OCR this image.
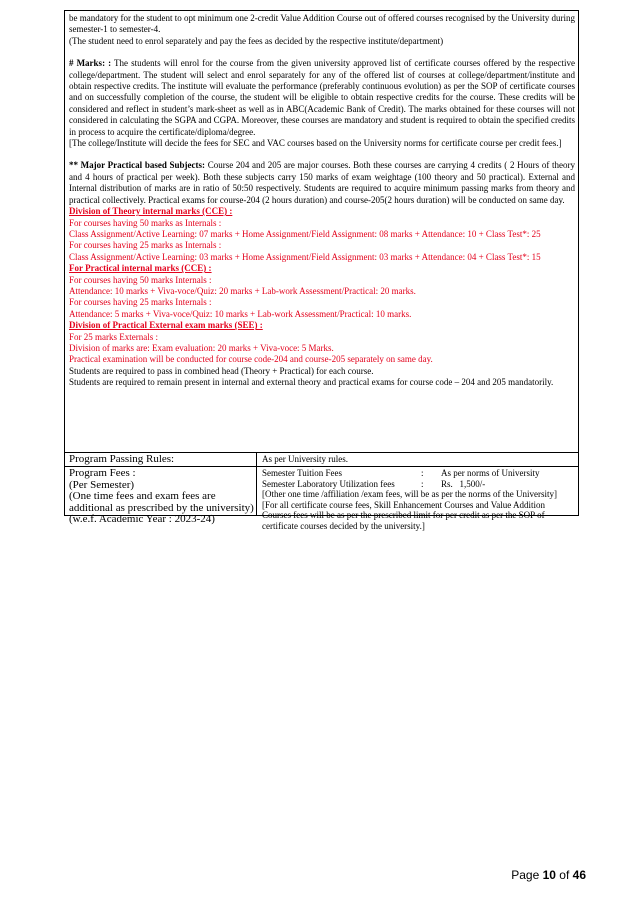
be mandatory for the student to opt minimum one 2-credit Value Addition Course out of offered courses recognised by the University during semester-1 to semester-4.

(The student need to enrol separately and pay the fees as decided by the respective institute/department)

# Marks: : The students will enrol for the course from the given university approved list of certificate courses offered by the respective college/department. The student will select and enrol separately for any of the offered list of courses at college/department/institute and obtain respective credits. The institute will evaluate the performance (preferably continuous evolution) as per the SOP of certificate courses and on successfully completion of the course, the student will be eligible to obtain respective credits for the course. These credits will be considered and reflect in student’s mark-sheet as well as in ABC(Academic Bank of Credit). The marks obtained for these courses will not considered in calculating the SGPA and CGPA. Moreover, these courses are mandatory and student is required to obtain the specified credits in process to acquire the certificate/diploma/degree.

[The college/Institute will decide the fees for SEC and VAC courses based on the University norms for certificate course per credit fees.]

** Major Practical based Subjects: Course 204 and 205 are major courses. Both these courses are carrying 4 credits ( 2 Hours of theory and 4 hours of practical per week). Both these subjects carry 150 marks of exam weightage (100 theory and 50 practical). External and Internal distribution of marks are in ratio of 50:50 respectively. Students are required to acquire minimum passing marks from theory and practical collectively. Practical exams for course-204 (2 hours duration) and course-205(2 hours duration) will be conducted on same day.

Division of Theory internal marks (CCE) :

For courses having 50 marks as Internals :

Class Assignment/Active Learning: 07 marks + Home Assignment/Field Assignment: 08 marks + Attendance: 10 + Class Test*: 25

For courses having 25 marks as Internals :

Class Assignment/Active Learning: 03 marks + Home Assignment/Field Assignment: 03 marks + Attendance: 04 + Class Test*: 15

For Practical internal marks (CCE) :

For courses having 50 marks Internals :

Attendance: 10 marks + Viva-voce/Quiz: 20 marks + Lab-work Assessment/Practical: 20 marks.

For courses having 25 marks Internals :

Attendance: 5 marks + Viva-voce/Quiz: 10 marks + Lab-work Assessment/Practical: 10 marks.

Division of Practical External exam marks (SEE) :

For 25 marks Externals :

Division of marks are: Exam evaluation: 20 marks + Viva-voce: 5 Marks.

Practical examination will be conducted for course code-204 and course-205 separately on same day.

Students are required to pass in combined head (Theory + Practical) for each course.

Students are required to remain present in internal and external theory and practical exams for course code – 204 and 205 mandatorily.

Program Passing Rules:	As per University rules.
Program Fees :
(Per Semester)
(One time fees and exam fees are additional as prescribed by the university)
(w.e.f. Academic Year : 2023-24)
Semester Tuition Fees	:	As per norms of University
Semester Laboratory Utilization fees	:	Rs.   1,500/-
[Other one time /affiliation /exam fees, will be as per the norms of the University]
[For all certificate course fees, Skill Enhancement Courses and Value Addition Courses fees will be as per the prescribed limit for per credit as per the SOP of certificate courses decided by the university.]
Page 10 of 46
